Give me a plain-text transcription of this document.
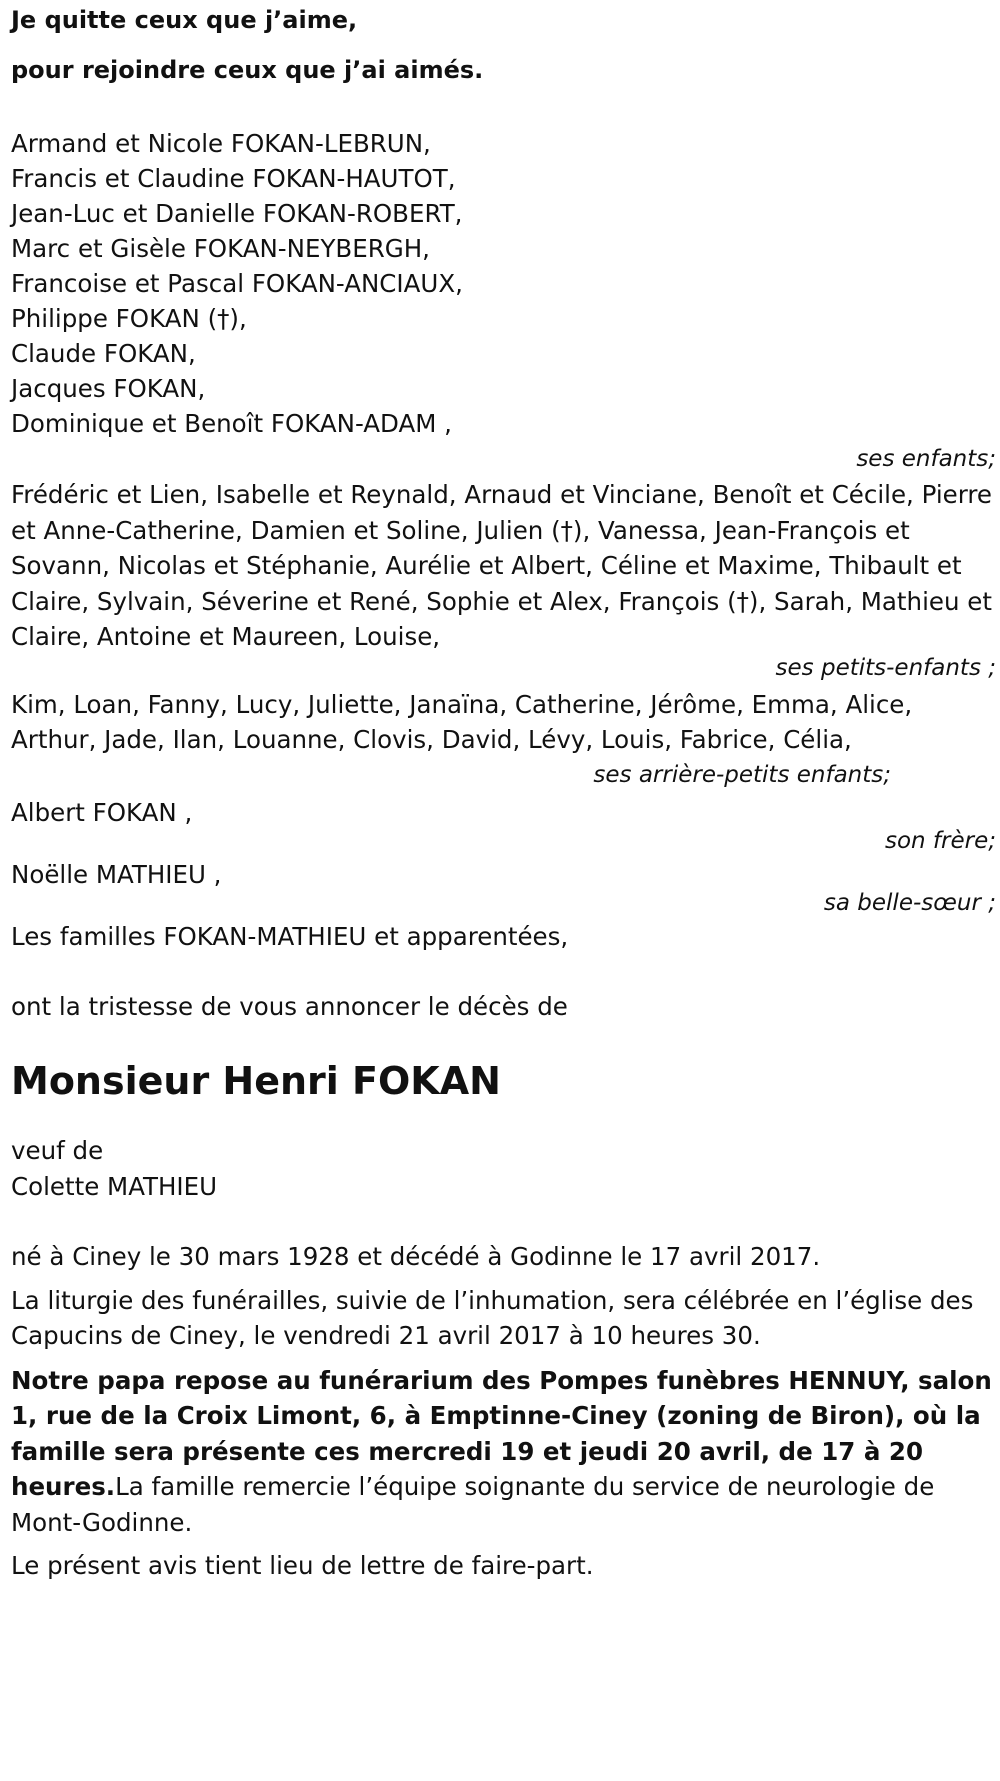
Je quitte ceux que j’aime,

pour rejoindre ceux que j’ai aimés.

Armand et Nicole FOKAN-LEBRUN,
Francis et Claudine FOKAN-HAUTOT,
Jean-Luc et Danielle FOKAN-ROBERT,
Marc et Gisèle FOKAN-NEYBERGH,
Francoise et Pascal FOKAN-ANCIAUX,
Philippe FOKAN (†),
Claude FOKAN,
Jacques FOKAN,
Dominique et Benoît FOKAN-ADAM ,
ses enfants;

Frédéric et Lien, Isabelle et Reynald, Arnaud et Vinciane, Benoît et Cécile, Pierre et Anne-Catherine, Damien et Soline, Julien (†), Vanessa, Jean-François et Sovann, Nicolas et Stéphanie, Aurélie et Albert, Céline et Maxime, Thibault et Claire, Sylvain, Séverine et René, Sophie et Alex, François (†), Sarah, Mathieu et Claire, Antoine et Maureen, Louise,

ses petits-enfants ;

Kim, Loan, Fanny, Lucy, Juliette, Janaïna, Catherine, Jérôme, Emma, Alice, Arthur, Jade, Ilan, Louanne, Clovis, David, Lévy, Louis, Fabrice, Célia,

ses arrière-petits enfants;
Albert FOKAN ,
son frère;
Noëlle MATHIEU ,
sa belle-sœur ;
Les familles FOKAN-MATHIEU et apparentées,

ont la tristesse de vous annoncer le décès de

Monsieur Henri FOKAN

veuf de
Colette MATHIEU

né à Ciney le 30 mars 1928 et décédé à Godinne le 17 avril 2017.

La liturgie des funérailles, suivie de l’inhumation, sera célébrée en l’église des Capucins de Ciney, le vendredi 21 avril 2017 à 10 heures 30.

Notre papa repose au funérarium des Pompes funèbres HENNUY, salon 1, rue de la Croix Limont, 6, à Emptinne-Ciney (zoning de Biron), où la famille sera présente ces mercredi 19 et jeudi 20 avril, de 17 à 20 heures.La famille remercie l’équipe soignante du service de neurologie de Mont-Godinne.

Le présent avis tient lieu de lettre de faire-part.
